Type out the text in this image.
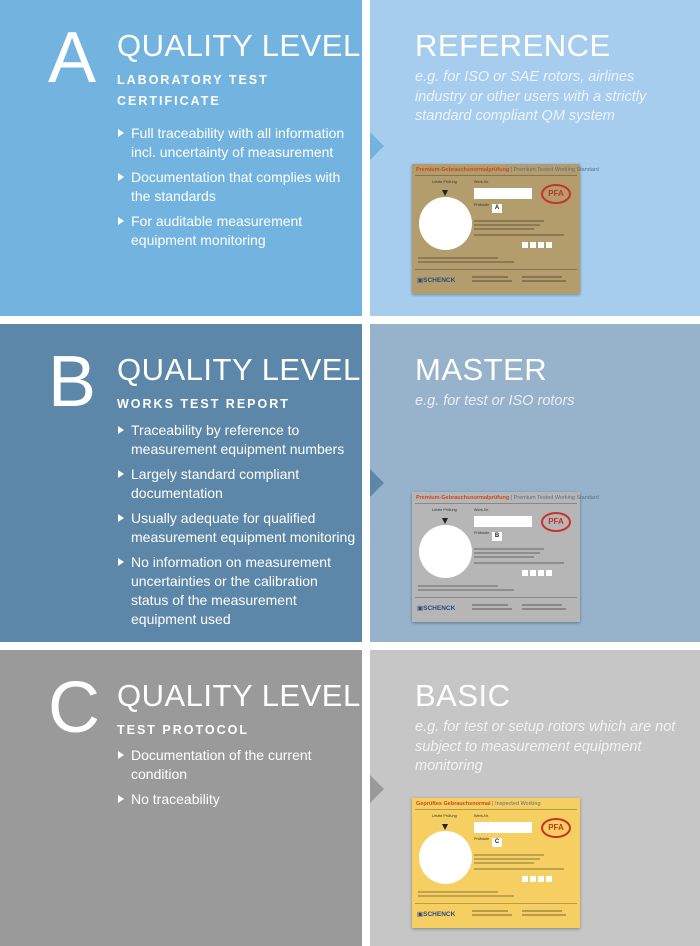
A QUALITY LEVEL
LABORATORY TEST CERTIFICATE
Full traceability with all information incl. uncertainty of measurement
Documentation that complies with the standards
For auditable measurement equipment monitoring
REFERENCE
e.g. for ISO or SAE rotors, airlines industry or other users with a strictly standard compliant QM system
Premium-Gebrauchsnormalprüfung | Premium Tested Working Standard
Letzte Prüfung	Werk-Nr.
Prüfstufe A
PFA
▣ SCHENCK
B QUALITY LEVEL
WORKS TEST REPORT
Traceability by reference to measurement equipment numbers
Largely standard compliant documentation
Usually adequate for qualified measurement equipment monitoring
No information on measurement uncertainties or the calibration status of the measurement equipment used
MASTER
e.g. for test or ISO rotors
Premium-Gebrauchsnormalprüfung | Premium Tested Working Standard
Letzte Prüfung	Werk-Nr.
Prüfstufe B
PFA
▣ SCHENCK
C QUALITY LEVEL
TEST PROTOCOL
Documentation of the current condition
No traceability
BASIC
e.g. for test or setup rotors which are not subject to measurement equipment monitoring
Geprüftes Gebrauchsnormal | Inspected Working
Letzte Prüfung	Werk-Nr.
Prüfstufe C
PFA
▣ SCHENCK
